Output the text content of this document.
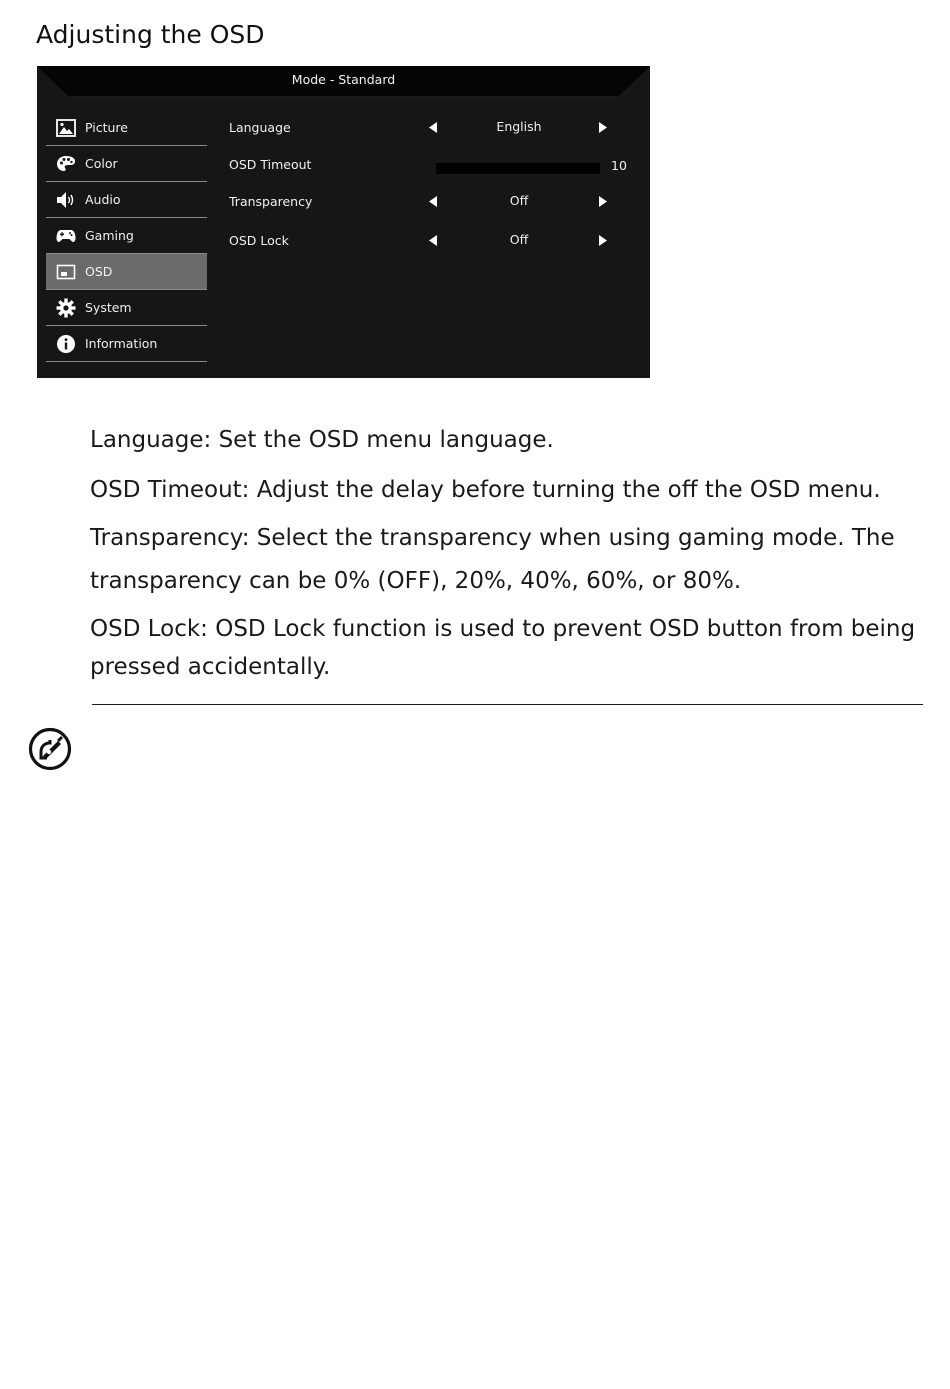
Adjusting the OSD
Mode - Standard
Picture
Color
Audio
Gaming
OSD
System
Information
Language	English
OSD Timeout	10
Transparency	Off
OSD Lock	Off

Language: Set the OSD menu language.

OSD Timeout: Adjust the delay before turning the off the OSD menu.

Transparency: Select the transparency when using gaming mode. The transparency can be 0% (OFF), 20%, 40%, 60%, or 80%.

OSD Lock: OSD Lock function is used to prevent OSD button from being pressed accidentally.
